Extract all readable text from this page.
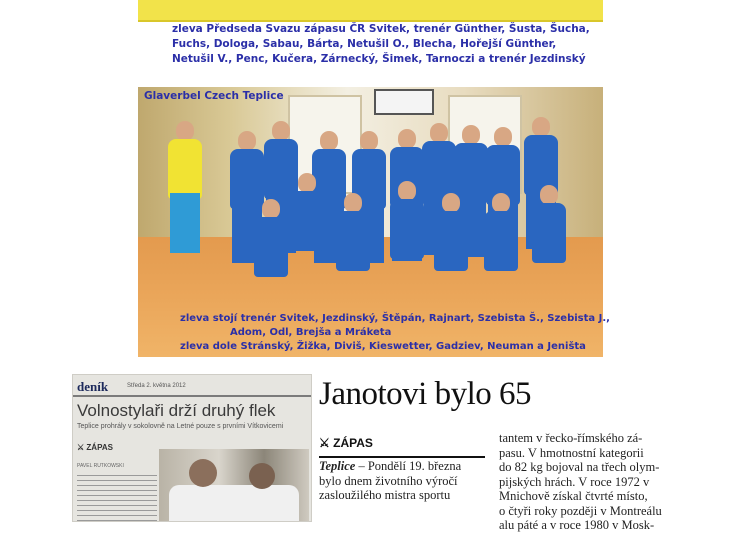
zleva Předseda Svazu zápasu ČR Svitek, trenér Günther, Šusta, Šucha,
Fuchs, Dologa, Sabau, Bárta, Netušil O., Blecha, Hořejší Günther,
Netušil V., Penc, Kučera, Zárnecký, Šimek, Tarnoczi a trenér Jezdinský
Glaverbel Czech Teplice
zleva stojí trenér Svitek, Jezdinský, Štěpán, Rajnart, Szebista Š., Szebista J.,
Adom, Odl, Brejša a Mráketa
zleva dole Stránský, Žižka, Diviš, Kieswetter, Gadziev, Neuman a Jeništa
deník	Středa 2. května 2012
Volnostylaři drží druhý flek
Teplice prohrály v sokolovně na Letné pouze s prvními Vítkovicemi
⚔ ZÁPAS
PAVEL RUTKOWSKI
Janotovi bylo 65
⚔ ZÁPAS
Teplice – Pondělí 19. března
bylo dnem životního výročí
zasloužilého mistra sportu
tantem v řecko-římského zá-
pasu. V hmotnostní kategorii
do 82 kg bojoval na třech olym-
pijských hrách. V roce 1972 v
Mnichově získal čtvrté místo,
o čtyři roky později v Montreálu
alu páté a v roce 1980 v Mosk-
